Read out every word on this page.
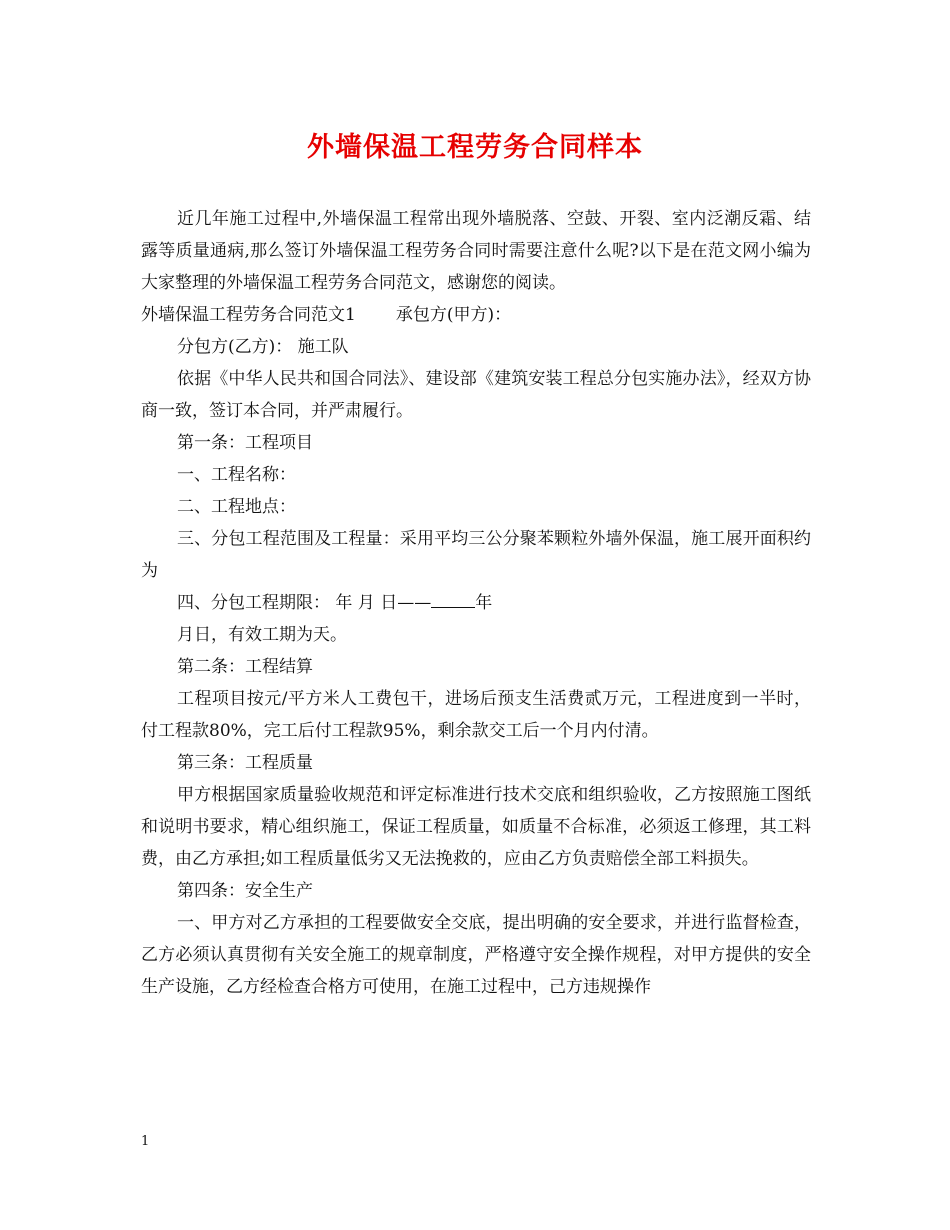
外墙保温工程劳务合同样本

近几年施工过程中,外墙保温工程常出现外墙脱落、空鼓、开裂、室内泛潮反霜、结露等质量通病,那么签订外墙保温工程劳务合同时需要注意什么呢?以下是在范文网小编为大家整理的外墙保温工程劳务合同范文，感谢您的阅读。

外墙保温工程劳务合同范文1 承包方(甲方)：

分包方(乙方)： 施工队

依据《中华人民共和国合同法》、建设部《建筑安装工程总分包实施办法》，经双方协商一致，签订本合同，并严肃履行。

第一条：工程项目

一、工程名称：

二、工程地点：

三、分包工程范围及工程量：采用平均三公分聚苯颗粒外墙外保温，施工展开面积约为

四、分包工程期限： 年 月 日——	年

月日，有效工期为天。

第二条：工程结算

工程项目按元/平方米人工费包干，进场后预支生活费贰万元，工程进度到一半时，付工程款80%，完工后付工程款95%，剩余款交工后一个月内付清。

第三条：工程质量

甲方根据国家质量验收规范和评定标准进行技术交底和组织验收，乙方按照施工图纸和说明书要求，精心组织施工，保证工程质量，如质量不合标准，必须返工修理，其工料费，由乙方承担;如工程质量低劣又无法挽救的，应由乙方负责赔偿全部工料损失。

第四条：安全生产

一、甲方对乙方承担的工程要做安全交底，提出明确的安全要求，并进行监督检查，乙方必须认真贯彻有关安全施工的规章制度，严格遵守安全操作规程，对甲方提供的安全生产设施，乙方经检查合格方可使用，在施工过程中，己方违规操作

1
